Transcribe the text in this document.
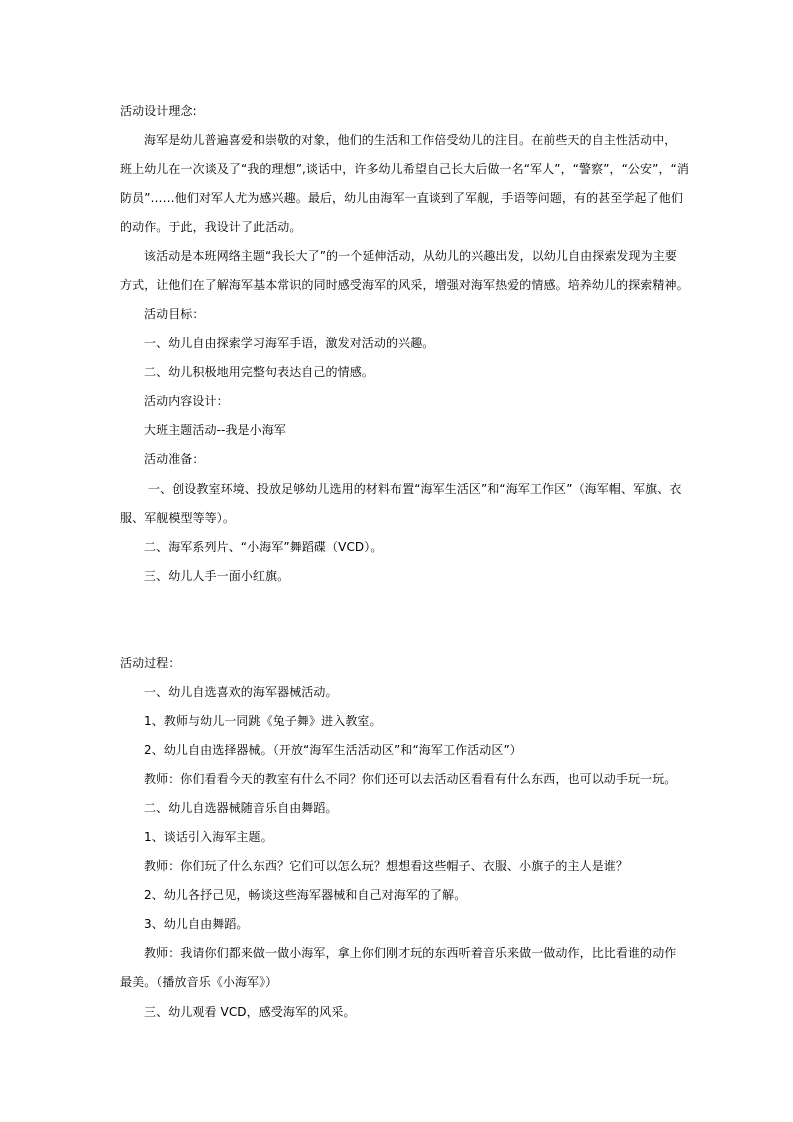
活动设计理念:
海军是幼儿普遍喜爱和崇敬的对象，他们的生活和工作倍受幼儿的注目。在前些天的自主性活动中，
班上幼儿在一次谈及了“我的理想”,谈话中，许多幼儿希望自己长大后做一名“军人”，“警察”，“公安”，“消
防员”……他们对军人尤为感兴趣。最后，幼儿由海军一直谈到了军舰，手语等问题，有的甚至学起了他们
的动作。于此，我设计了此活动。
该活动是本班网络主题“我长大了”的一个延伸活动，从幼儿的兴趣出发，以幼儿自由探索发现为主要
方式，让他们在了解海军基本常识的同时感受海军的风采，增强对海军热爱的情感。培养幼儿的探索精神。
活动目标：
一、幼儿自由探索学习海军手语，激发对活动的兴趣。
二、幼儿积极地用完整句表达自己的情感。
活动内容设计：
大班主题活动--我是小海军
活动准备：
一、创设教室环境、投放足够幼儿选用的材料布置“海军生活区”和“海军工作区”（海军帽、军旗、衣
服、军舰模型等等）。
二、海军系列片、“小海军”舞蹈碟（VCD）。
三、幼儿人手一面小红旗。
活动过程：
一、幼儿自选喜欢的海军器械活动。
1、教师与幼儿一同跳《兔子舞》进入教室。
2、幼儿自由选择器械。（开放“海军生活活动区”和“海军工作活动区”）
教师：你们看看今天的教室有什么不同？你们还可以去活动区看看有什么东西，也可以动手玩一玩。
二、幼儿自选器械随音乐自由舞蹈。
1、谈话引入海军主题。
教师：你们玩了什么东西？它们可以怎么玩？想想看这些帽子、衣服、小旗子的主人是谁？
2、幼儿各抒己见，畅谈这些海军器械和自己对海军的了解。
3、幼儿自由舞蹈。
教师：我请你们都来做一做小海军，拿上你们刚才玩的东西听着音乐来做一做动作，比比看谁的动作
最美。（播放音乐《小海军》）
三、幼儿观看 VCD，感受海军的风采。
